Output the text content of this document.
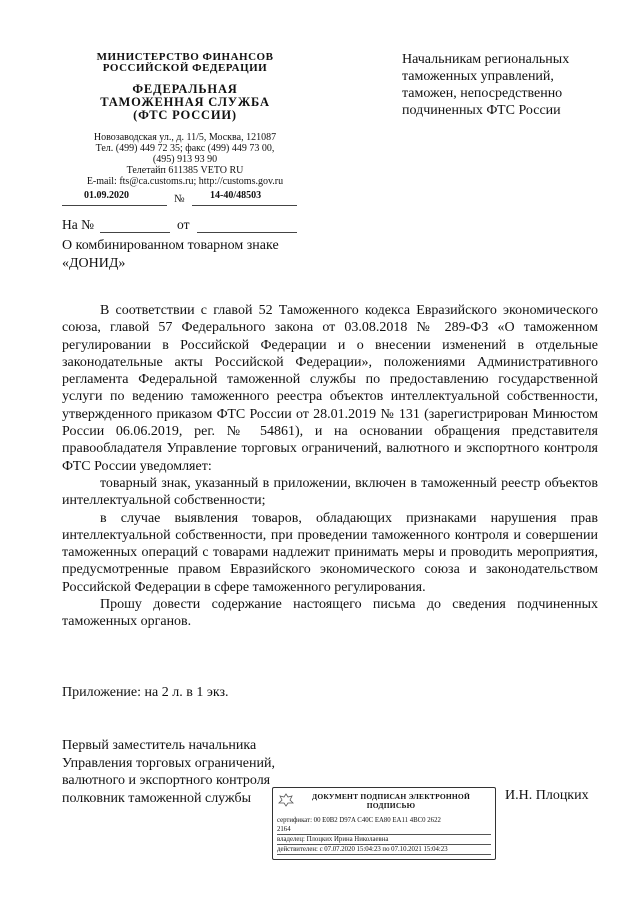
МИНИСТЕРСТВО ФИНАНСОВ
РОССИЙСКОЙ ФЕДЕРАЦИИ
ФЕДЕРАЛЬНАЯ
ТАМОЖЕННАЯ СЛУЖБА
(ФТС РОССИИ)
Новозаводская ул., д. 11/5, Москва, 121087
Тел. (499) 449 72 35; факс (499) 449 73 00,
(495) 913 93 90
Телетайп 611385 VETO RU
E-mail: fts@ca.customs.ru; http://customs.gov.ru
01.09.2020	№	14-40/48503
На №	от
О комбинированном товарном знаке
«ДОНИД»
Начальникам региональных
таможенных управлений,
таможен, непосредственно
подчиненных ФТС России

В соответствии с главой 52 Таможенного кодекса Евразийского экономического союза, главой 57 Федерального закона от 03.08.2018 № 289-ФЗ «О таможенном регулировании в Российской Федерации и о внесении изменений в отдельные законодательные акты Российской Федерации», положениями Административного регламента Федеральной таможенной службы по предоставлению государственной услуги по ведению таможенного реестра объектов интеллектуальной собственности, утвержденного приказом ФТС России от 28.01.2019 № 131 (зарегистрирован Минюстом России 06.06.2019, рег. № 54861), и на основании обращения представителя правообладателя Управление торговых ограничений, валютного и экспортного контроля ФТС России уведомляет:

товарный знак, указанный в приложении, включен в таможенный реестр объектов интеллектуальной собственности;

в случае выявления товаров, обладающих признаками нарушения прав интеллектуальной собственности, при проведении таможенного контроля и совершении таможенных операций с товарами надлежит принимать меры и проводить мероприятия, предусмотренные правом Евразийского экономического союза и законодательством Российской Федерации в сфере таможенного регулирования.

Прошу довести содержание настоящего письма до сведения подчиненных таможенных органов.

Приложение: на 2 л. в 1 экз.
Первый заместитель начальника
Управления торговых ограничений,
валютного и экспортного контроля
полковник таможенной службы	ДОКУМЕНТ ПОДПИСАН ЭЛЕКТРОННОЙ
ПОДПИСЬЮ
сертификат: 00 E0B2 D97A C40C EA80 EA11 4BC0 2622
2164
владелец: Плоцких Ирина Николаевна
действителен: с 07.07.2020 15:04:23 по 07.10.2021 15:04:23
И.Н. Плоцких
